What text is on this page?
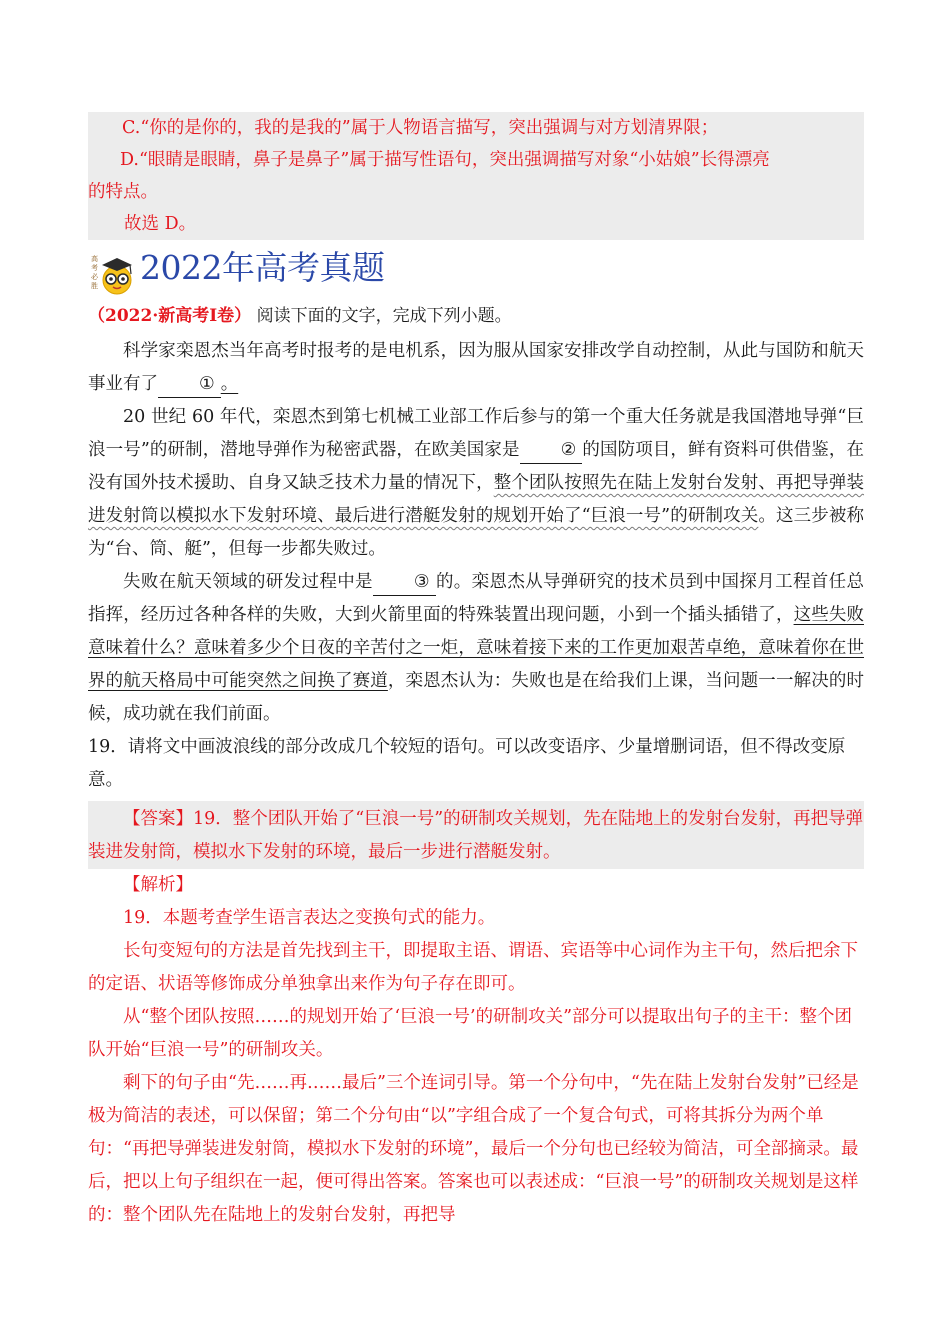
C.“你的是你的，我的是我的”属于人物语言描写，突出强调与对方划清界限；
D.“眼睛是眼睛，鼻子是鼻子”属于描写性语句，突出强调描写对象“小姑娘”长得漂亮
的特点。
故选 D。
高
考
必
胜 2022年高考真题
（2022·新高考Ⅰ卷） 阅读下面的文字，完成下列小题。

科学家栾恩杰当年高考时报考的是电机系，因为服从国家安排改学自动控制，从此与国防和航天事业有了 ① 。

20 世纪 60 年代，栾恩杰到第七机械工业部工作后参与的第一个重大任务就是我国潜地导弹“巨浪一号”的研制，潜地导弹作为秘密武器，在欧美国家是 ② 的国防项目，鲜有资料可供借鉴，在没有国外技术援助、自身又缺乏技术力量的情况下，整个团队按照先在陆上发射台发射、再把导弹装进发射筒以模拟水下发射环境、最后进行潜艇发射的规划开始了“巨浪一号”的研制攻关。这三步被称为“台、筒、艇”，但每一步都失败过。

失败在航天领域的研发过程中是 ③ 的。栾恩杰从导弹研究的技术员到中国探月工程首任总指挥，经历过各种各样的失败，大到火箭里面的特殊装置出现问题，小到一个插头插错了，这些失败意味着什么？意味着多少个日夜的辛苦付之一炬，意味着接下来的工作更加艰苦卓绝，意味着你在世界的航天格局中可能突然之间换了赛道，栾恩杰认为：失败也是在给我们上课，当问题一一解决的时候，成功就在我们前面。

19．请将文中画波浪线的部分改成几个较短的语句。可以改变语序、少量增删词语，但不得改变原意。

【答案】19．整个团队开始了“巨浪一号”的研制攻关规划，先在陆地上的发射台发射，再把导弹装进发射筒，模拟水下发射的环境，最后一步进行潜艇发射。

【解析】

19．本题考查学生语言表达之变换句式的能力。

长句变短句的方法是首先找到主干，即提取主语、谓语、宾语等中心词作为主干句，然后把余下的定语、状语等修饰成分单独拿出来作为句子存在即可。

从“整个团队按照……的规划开始了‘巨浪一号’的研制攻关”部分可以提取出句子的主干：整个团队开始“巨浪一号”的研制攻关。

剩下的句子由“先……再……最后”三个连词引导。第一个分句中，“先在陆上发射台发射”已经是极为简洁的表述，可以保留；第二个分句由“以”字组合成了一个复合句式，可将其拆分为两个单句：“再把导弹装进发射筒，模拟水下发射的环境”，最后一个分句也已经较为简洁，可全部摘录。最后，把以上句子组织在一起，便可得出答案。答案也可以表述成：“巨浪一号”的研制攻关规划是这样的：整个团队先在陆地上的发射台发射，再把导
